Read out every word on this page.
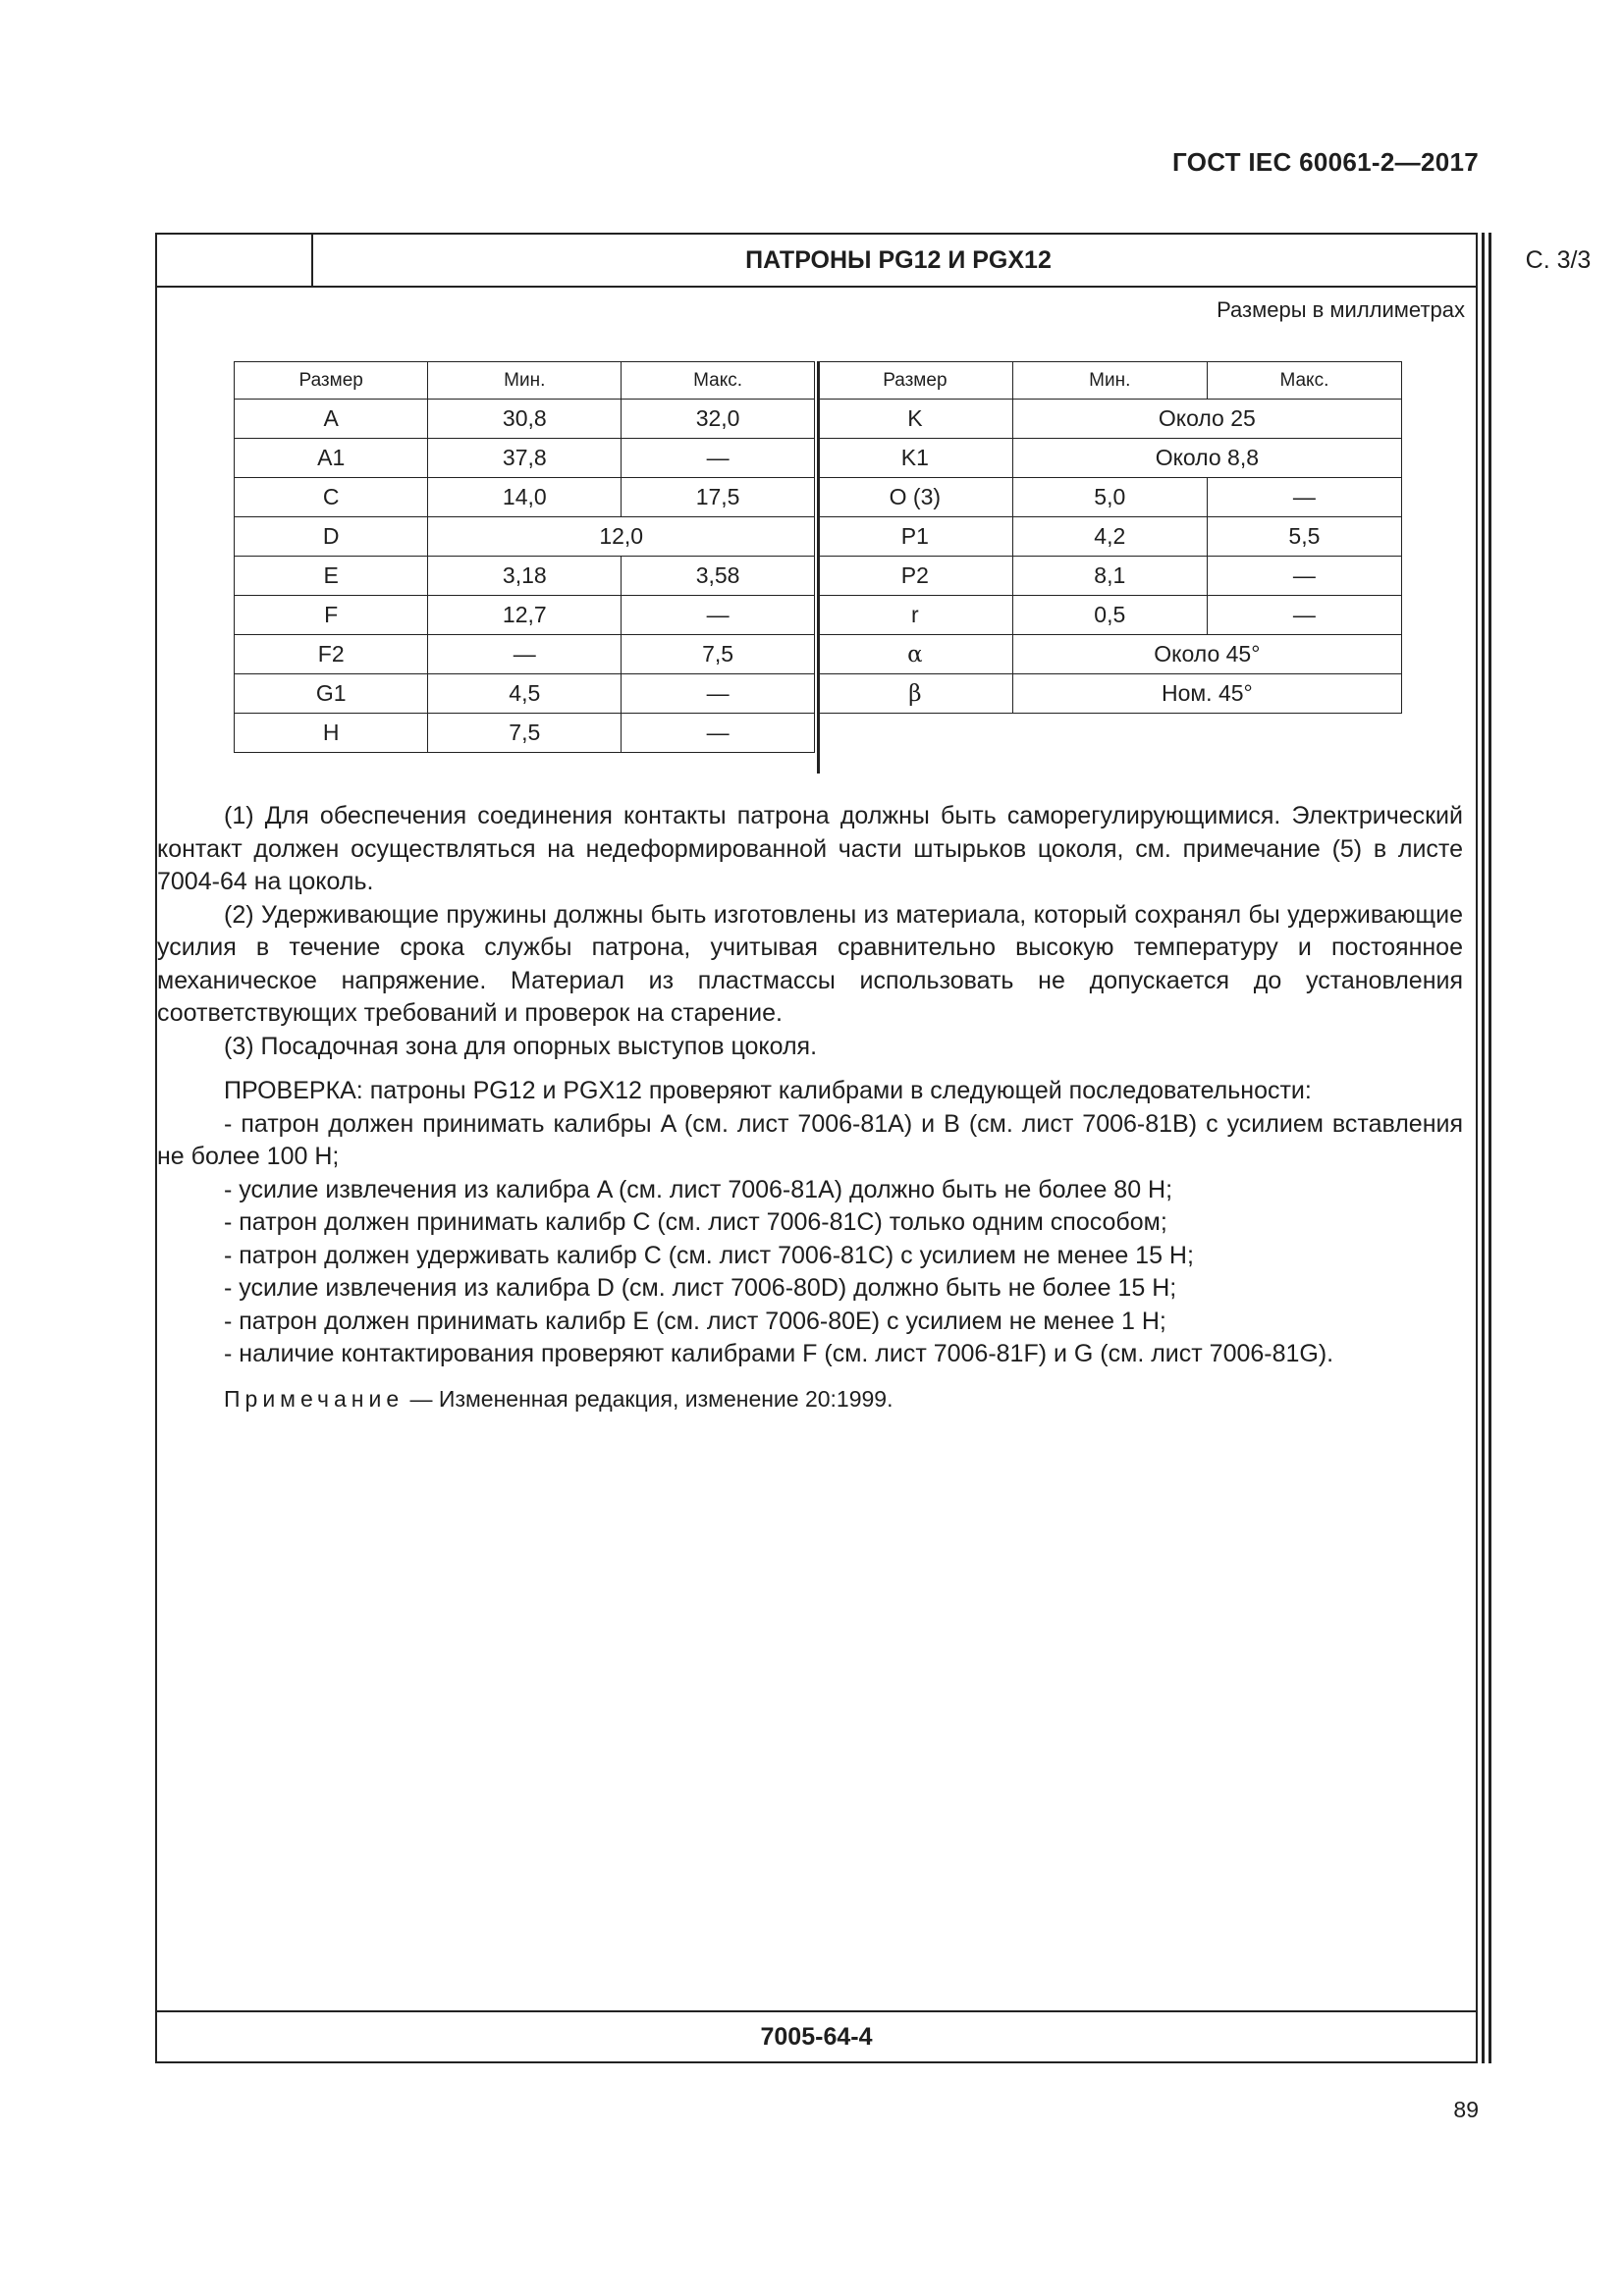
ГОСТ IEC 60061-2—2017
ПАТРОНЫ PG12 И PGX12	С. 3/3
Размеры в миллиметрах
Размер	Мин.	Макс.
A	30,8	32,0
A1	37,8	—
C	14,0	17,5
D	12,0	
E	3,18	3,58
F	12,7	—
F2	—	7,5
G1	4,5	—
H	7,5	—
Размер	Мин.	Макс.
K	Около 25	
K1	Около 8,8	
O (3)	5,0	—
P1	4,2	5,5
P2	8,1	—
r	0,5	—
α	Около 45°	
β	Ном. 45°	

(1) Для обеспечения соединения контакты патрона должны быть саморегулирующимися. Электрический контакт должен осуществляться на недеформированной части штырьков цоколя, см. примечание (5) в листе 7004-64 на цоколь.

(2) Удерживающие пружины должны быть изготовлены из материала, который сохранял бы удерживающие усилия в течение срока службы патрона, учитывая сравнительно высокую температуру и постоянное механическое напряжение. Материал из пластмассы использовать не допускается до установления соответствующих требований и проверок на старение.

(3) Посадочная зона для опорных выступов цоколя.

ПРОВЕРКА: патроны PG12 и PGX12 проверяют калибрами в следующей последовательности:

- патрон должен принимать калибры A (см. лист 7006-81A) и B (см. лист 7006-81B) с усилием вставления не более 100 Н;

- усилие извлечения из калибра A (см. лист 7006-81A) должно быть не более 80 Н;

- патрон должен принимать калибр C (см. лист 7006-81C) только одним способом;

- патрон должен удерживать калибр C (см. лист 7006-81C) с усилием не менее 15 Н;

- усилие извлечения из калибра D (см. лист 7006-80D) должно быть не более 15 Н;

- патрон должен принимать калибр E (см. лист 7006-80E) с усилием не менее 1 Н;

- наличие контактирования проверяют калибрами F (см. лист 7006-81F) и G (см. лист 7006-81G).

Примечание — Измененная редакция, изменение 20:1999.

7005-64-4
89
